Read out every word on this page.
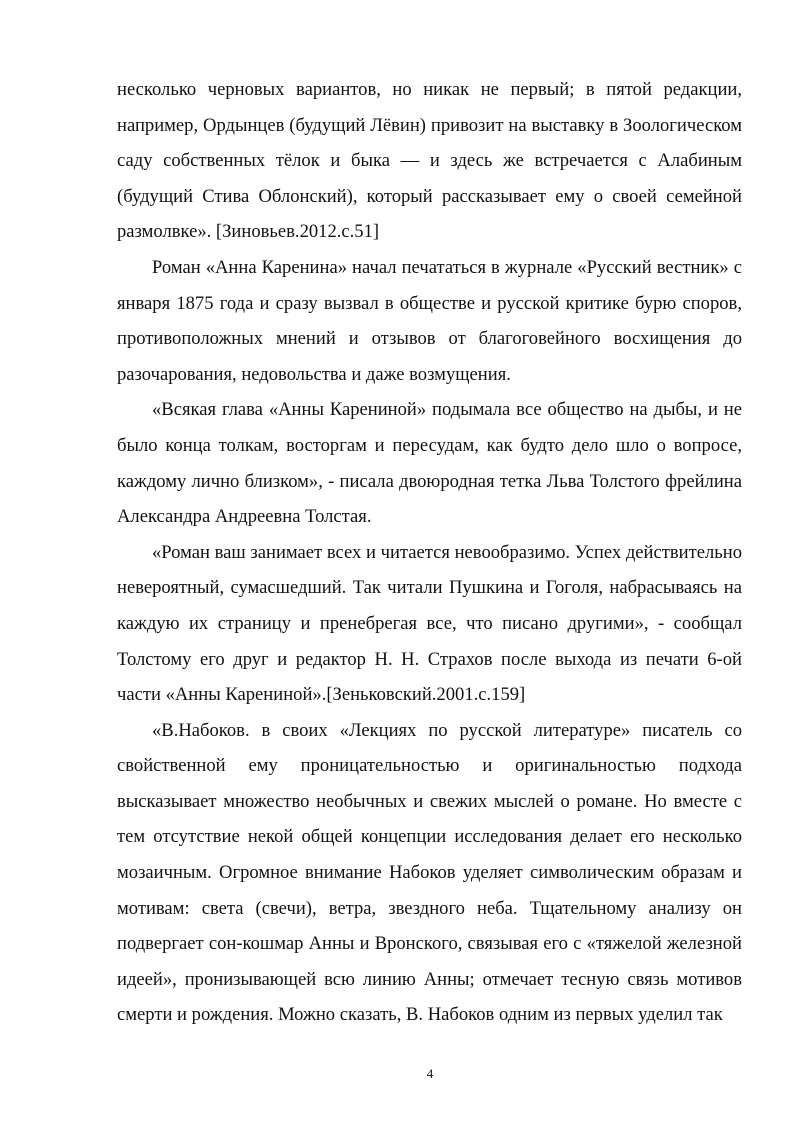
несколько черновых вариантов, но никак не первый; в пятой редакции, например, Ордынцев (будущий Лёвин) привозит на выставку в Зоологическом саду собственных тёлок и быка — и здесь же встречается с Алабиным (будущий Стива Облонский), который рассказывает ему о своей семейной размолвке». [Зиновьев.2012.с.51]

Роман «Анна Каренина» начал печататься в журнале «Русский вестник» с января 1875 года и сразу вызвал в обществе и русской критике бурю споров, противоположных мнений и отзывов от благоговейного восхищения до разочарования, недовольства и даже возмущения.

«Всякая глава «Анны Карениной» подымала все общество на дыбы, и не было конца толкам, восторгам и пересудам, как будто дело шло о вопросе, каждому лично близком», - писала двоюродная тетка Льва Толстого фрейлина Александра Андреевна Толстая.

«Роман ваш занимает всех и читается невообразимо. Успех действительно невероятный, сумасшедший. Так читали Пушкина и Гоголя, набрасываясь на каждую их страницу и пренебрегая все, что писано другими», - сообщал Толстому его друг и редактор Н. Н. Страхов после выхода из печати 6-ой части «Анны Карениной».[Зеньковский.2001.с.159]

«В.Набоков. в своих «Лекциях по русской литературе» писатель со свойственной ему проницательностью и оригинальностью подхода высказывает множество необычных и свежих мыслей о романе. Но вместе с тем отсутствие некой общей концепции исследования делает его несколько мозаичным. Огромное внимание Набоков уделяет символическим образам и мотивам: света (свечи), ветра, звездного неба. Тщательному анализу он подвергает сон-кошмар Анны и Вронского, связывая его с «тяжелой железной идеей», пронизывающей всю линию Анны; отмечает тесную связь мотивов смерти и рождения. Можно сказать, В. Набоков одним из первых уделил так

4
